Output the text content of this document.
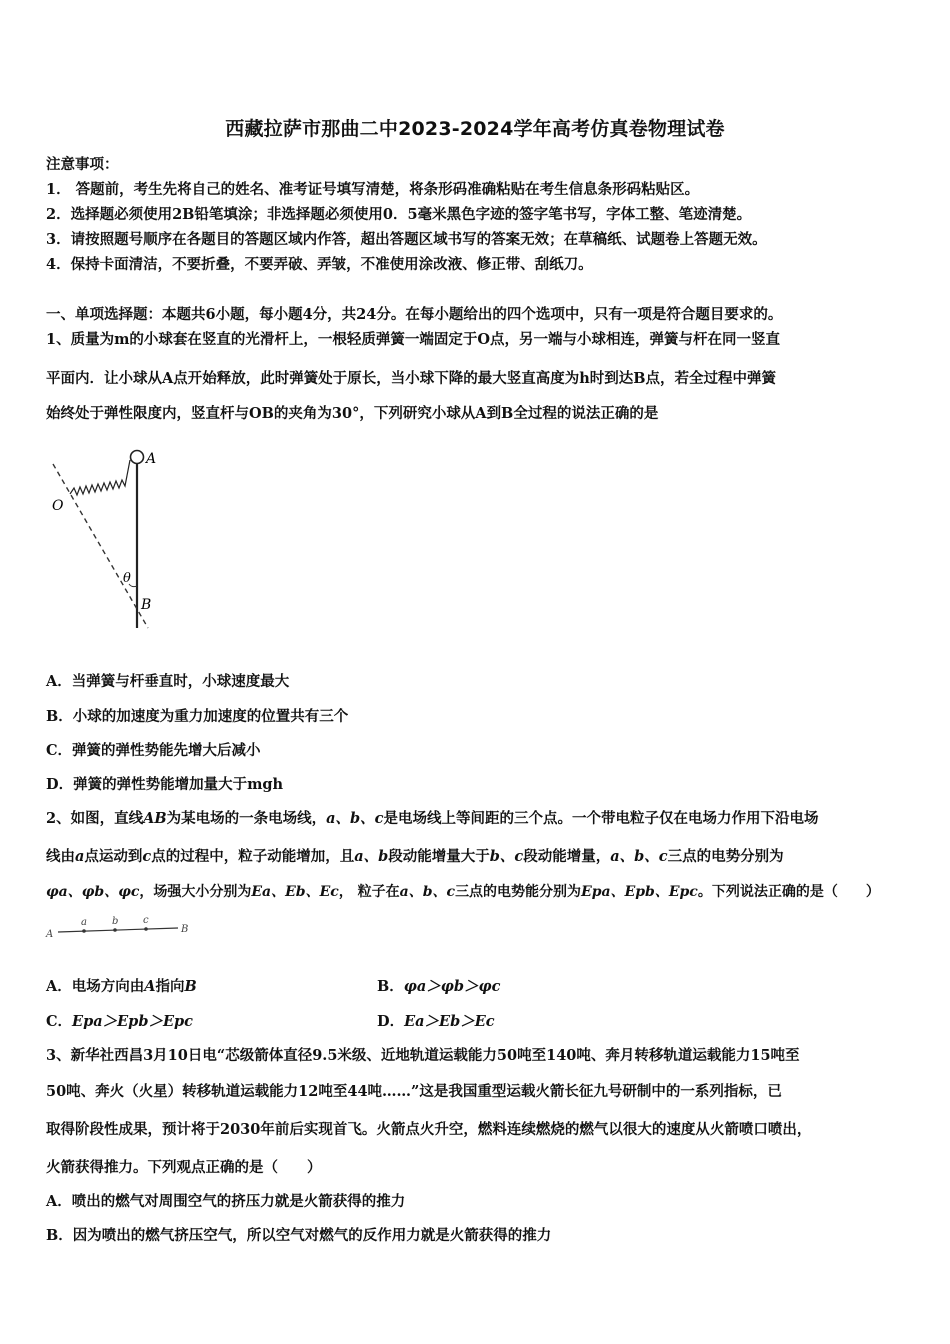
西藏拉萨市那曲二中2023-2024学年高考仿真卷物理试卷
注意事项：
1． 答题前，考生先将自己的姓名、准考证号填写清楚，将条形码准确粘贴在考生信息条形码粘贴区。
2．选择题必须使用2B铅笔填涂；非选择题必须使用0．5毫米黑色字迹的签字笔书写，字体工整、笔迹清楚。
3．请按照题号顺序在各题目的答题区域内作答，超出答题区域书写的答案无效；在草稿纸、试题卷上答题无效。
4．保持卡面清洁，不要折叠，不要弄破、弄皱，不准使用涂改液、修正带、刮纸刀。
一、单项选择题：本题共6小题，每小题4分，共24分。在每小题给出的四个选项中，只有一项是符合题目要求的。
1、质量为m的小球套在竖直的光滑杆上，一根轻质弹簧一端固定于O点，另一端与小球相连，弹簧与杆在同一竖直
平面内．让小球从A点开始释放，此时弹簧处于原长，当小球下降的最大竖直高度为h时到达B点，若全过程中弹簧
始终处于弹性限度内，竖直杆与OB的夹角为30°，下列研究小球从A到B全过程的说法正确的是
A
O
θ
B
A．当弹簧与杆垂直时，小球速度最大
B．小球的加速度为重力加速度的位置共有三个
C．弹簧的弹性势能先增大后减小
D．弹簧的弹性势能增加量大于mgh
2、如图，直线AB为某电场的一条电场线，a、b、c是电场线上等间距的三个点。一个带电粒子仅在电场力作用下沿电场
线由a点运动到c点的过程中，粒子动能增加，且a、b段动能增量大于b、c段动能增量，a、b、c三点的电势分别为
φa、φb、φc，场强大小分别为Ea、Eb、Ec， 粒子在a、b、c三点的电势能分别为Epa、Epb、Epc。下列说法正确的是（　　）
A
a	b c
B
A．电场方向由A指向B	B．φa＞φb＞φc
C．Epa＞Epb＞Epc	D．Ea＞Eb＞Ec
3、新华社西昌3月10日电“芯级箭体直径9.5米级、近地轨道运载能力50吨至140吨、奔月转移轨道运载能力15吨至
50吨、奔火（火星）转移轨道运载能力12吨至44吨……”这是我国重型运载火箭长征九号研制中的一系列指标，已
取得阶段性成果，预计将于2030年前后实现首飞。火箭点火升空，燃料连续燃烧的燃气以很大的速度从火箭喷口喷出，
火箭获得推力。下列观点正确的是（　　）
A．喷出的燃气对周围空气的挤压力就是火箭获得的推力
B．因为喷出的燃气挤压空气，所以空气对燃气的反作用力就是火箭获得的推力
